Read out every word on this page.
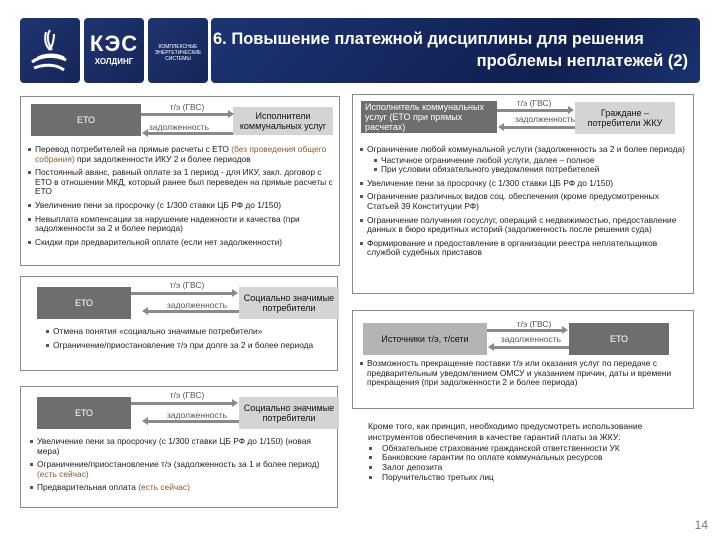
КЭС
ХОЛДИНГ
КОМПЛЕКСНЫЕ ЭНЕРГЕТИЧЕСКИЕ СИСТЕМЫ
6. Повышение платежной дисциплины для решения
проблемы неплатежей (2)
ЕТО	Исполнители коммунальных услуг
т/э (ГВС)
задолженность
Перевод потребителей на прямые расчеты с ЕТО (без проведения общего собрания) при задолженности ИКУ 2 и более периодов
Постоянный аванс, равный оплате за 1 период - для ИКУ, закл. договор с ЕТО в отношении МКД, который ранее был переведен на прямые расчеты с ЕТО
Увеличение пени за просрочку (с 1/300 ставки ЦБ РФ до 1/150)
Невыплата компенсации за нарушение надежности и качества (при задолженности за 2 и более периода)
Скидки при предварительной оплате (если нет задолженности)
ЕТО	Социально значимые потребители
т/э (ГВС)
задолженность
Отмена понятия «социально значимые потребители»
Ограничение/приостановление т/э при долге за 2 и более периода
ЕТО	Социально значимые потребители
т/э (ГВС)
задолженность
Увеличение пени за просрочку (с 1/300 ставки ЦБ РФ до 1/150) (новая мера)
Ограничение/приостановление т/э (задолженность за 1 и более период) (есть сейчас)
Предварительная оплата (есть сейчас)
Исполнитель коммунальных услуг (ЕТО при прямых расчетах)
Граждане – потребители ЖКУ
т/э (ГВС)
задолженность
Ограничение любой коммунальной услуги (задолженность за 2 и более периода)
Частичное ограничение любой услуги, далее – полное
При условии обязательного уведомления потребителей
Увеличение пени за просрочку (с 1/300 ставки ЦБ РФ до 1/150)
Ограничение различных видов соц. обеспечения (кроме предусмотренных Статьей 39 Конституции РФ)
Ограничение получения госуслуг, операций с недвижимостью, предоставление данных в бюро кредитных историй (задолженность после решения суда)
Формирование и предоставление в организации реестра неплательщиков службой судебных приставов
Источники т/э, т/сети	ЕТО
т/э (ГВС)
задолженность
Возможность прекращение поставки т/э или оказания услуг по передаче с предварительным уведомлением ОМСУ и указанием причин, даты и времени прекращения (при задолженности 2 и более периода)
Кроме того, как принцип, необходимо предусмотреть использование инструментов обеспечения в качестве гарантий платы за ЖКУ:
Обязательное страхование гражданской ответственности УК
Банковские гарантии по оплате коммунальных ресурсов
Залог депозита
Поручительство третьих лиц
14
